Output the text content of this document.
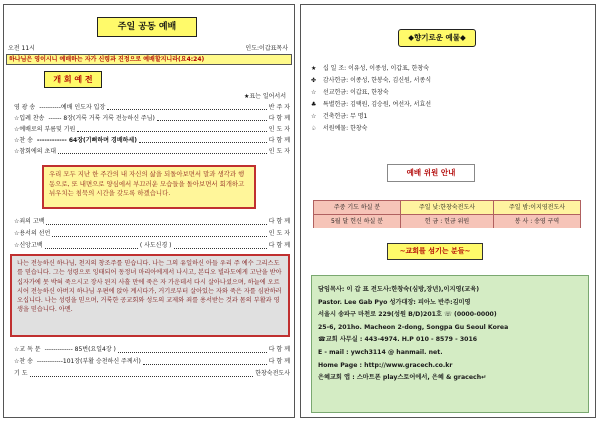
주일 공동 예배
오전 11시	인도:이갑표목사
하나님은 영이시니 예배하는 자가 신령과 진정으로 예배할지니라(요4:24)
개 회 예 전
★표는 일어서서
영 광 송 ----------예배 인도자 입장	반 주 자
☆입례 찬송 ------ 8장(거룩 거룩 거룩 전능하신 주님)	다 함 께
☆예배로의 부름및 기원	인 도 자
☆찬 송 ------------ 64장(기뻐하며 경배하세)	다 함 께
☆참회에의 초대	인 도 자
우리 모두 지난 한 주간의 내 자신의 삶을 되돌아보면서 말과 생각과 행동으로, 또 내면으로 양심에서 부끄러운 모습들을 돌아보면서 회개하고 뉘우치는 침묵의 시간을 갖도록 하겠습니다.
☆죄의 고백	다 함 께
☆용서의 선언	인 도 자
☆신앙고백	( 사도신경 )	다 함 께
나는 전능하신 하나님, 천지의 창조주를 믿습니다. 나는 그의 유일하신 아들 우리 주 예수 그리스도를 믿습니다. 그는 성령으로 잉태되어 동정녀 마리아에게서 나시고, 본디오 빌라도에게 고난을 받아 십자가에 못 박혀 죽으시고 장사 된지 사흘 만에 죽은 자 가운데서 다시 살아나셨으며, 하늘에 오르시어 전능하신 아버지 하나님 우편에 앉아 계시다가, 거기로부터 살아있는 자와 죽은 자를 심판하러 오십니다. 나는 성령을 믿으며, 거룩한 공교회와 성도의 교제와 죄를 용서받는 것과 몸의 부활과 영생을 믿습니다. 아멘.
☆교 독 문 ------------- 85번(요일4장 )	다 함 께
☆찬 송 ------------101장(부활 승천하신 주께서)	다 함 께
기 도	한창숙전도사
◆향기로운 예물◆
★ 십 일 조: 이유성, 이종성, 이갑표, 한창숙
✤ 감사헌금: 이종성, 한봉숙, 김신원, 서종식
☆ 선교헌금: 이갑표, 한창숙
♣ 특별헌금: 김택원, 김승원, 여선자, 서효선
☆ 건축헌금: 무 명1
♤ 서원예물: 한창숙
예배 위원 안내
주중 기도 하실 분	주일 낮:한창숙전도사	주일 밤:이지영전도사
5월 달 헌신 하실 분	헌 금 : 헌금 위원	봉 사 : 송영 구역
~교회를 섬기는 분들~
담임목사: 이 갑 표 전도사:한창숙(심방,장년),이지영(교육)
Pastor. Lee Gab Pyo 성가대장: 피아노 반주:김미영
서울시 송파구 마천로 229(성원 B/D)201호 ☏ (0000-0000)
25-6, 201ho. Macheon 2-dong, Songpa Gu Seoul Korea
☎교회 사무실 : 443-4974. H.P 010 - 8579 - 3016
E - mail : ywch3114 @ hanmail. net.
Home Page : http://www.gracech.co.kr
은혜교회 앱 : 스마트폰 play스토어에서, 은혜 & gracech↵
